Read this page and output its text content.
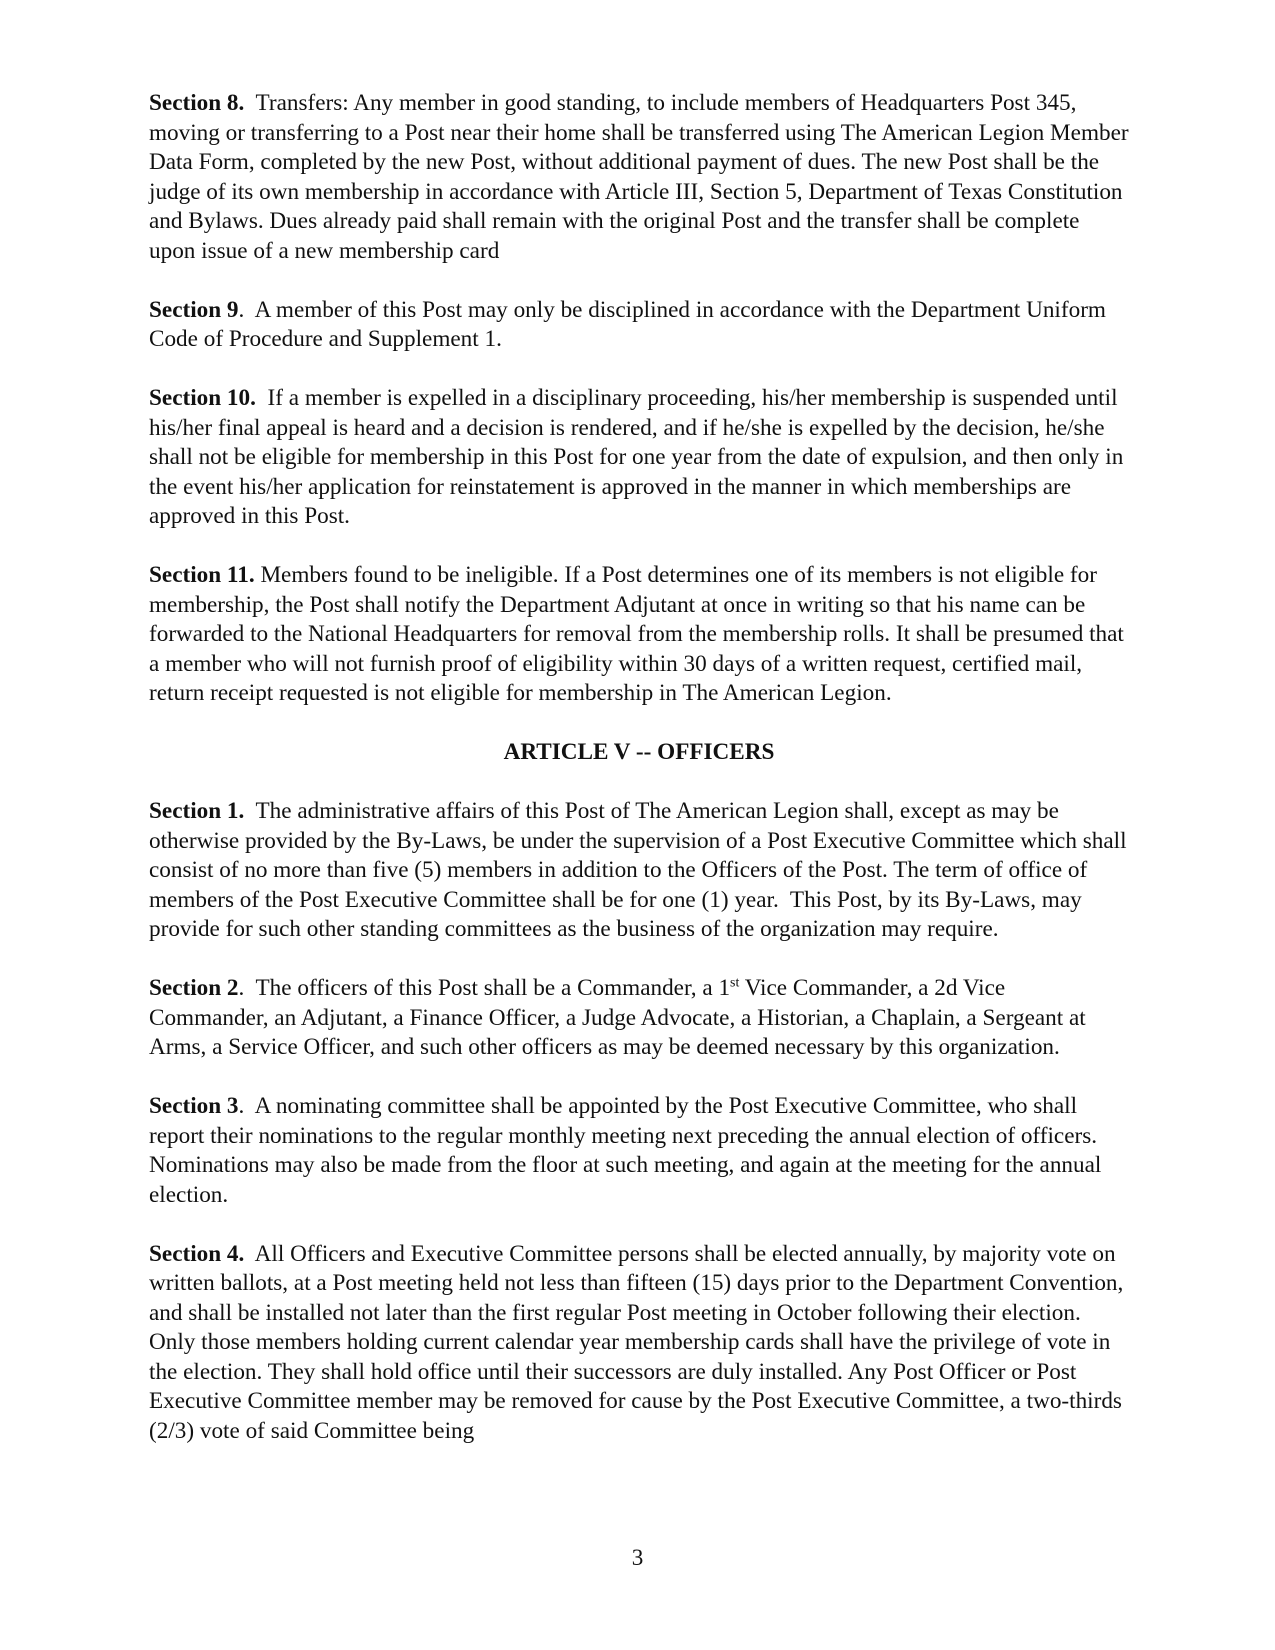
Section 8. Transfers: Any member in good standing, to include members of Headquarters Post 345, moving or transferring to a Post near their home shall be transferred using The American Legion Member Data Form, completed by the new Post, without additional payment of dues. The new Post shall be the judge of its own membership in accordance with Article III, Section 5, Department of Texas Constitution and Bylaws. Dues already paid shall remain with the original Post and the transfer shall be complete upon issue of a new membership card

Section 9.  A member of this Post may only be disciplined in accordance with the Department Uniform Code of Procedure and Supplement 1.

Section 10. If a member is expelled in a disciplinary proceeding, his/her membership is suspended until his/her final appeal is heard and a decision is rendered, and if he/she is expelled by the decision, he/she shall not be eligible for membership in this Post for one year from the date of expulsion, and then only in the event his/her application for reinstatement is approved in the manner in which memberships are approved in this Post.

Section 11. Members found to be ineligible. If a Post determines one of its members is not eligible for membership, the Post shall notify the Department Adjutant at once in writing so that his name can be forwarded to the National Headquarters for removal from the membership rolls. It shall be presumed that a member who will not furnish proof of eligibility within 30 days of a written request, certified mail, return receipt requested is not eligible for membership in The American Legion.

ARTICLE V -- OFFICERS

Section 1. The administrative affairs of this Post of The American Legion shall, except as may be otherwise provided by the By-Laws, be under the supervision of a Post Executive Committee which shall consist of no more than five (5) members in addition to the Officers of the Post. The term of office of members of the Post Executive Committee shall be for one (1) year.  This Post, by its By-Laws, may provide for such other standing committees as the business of the organization may require.

Section 2.  The officers of this Post shall be a Commander, a 1st Vice Commander, a 2d Vice Commander, an Adjutant, a Finance Officer, a Judge Advocate, a Historian, a Chaplain, a Sergeant at Arms, a Service Officer, and such other officers as may be deemed necessary by this organization.

Section 3.  A nominating committee shall be appointed by the Post Executive Committee, who shall report their nominations to the regular monthly meeting next preceding the annual election of officers. Nominations may also be made from the floor at such meeting, and again at the meeting for the annual election.

Section 4. All Officers and Executive Committee persons shall be elected annually, by majority vote on written ballots, at a Post meeting held not less than fifteen (15) days prior to the Department Convention, and shall be installed not later than the first regular Post meeting in October following their election. Only those members holding current calendar year membership cards shall have the privilege of vote in the election. They shall hold office until their successors are duly installed. Any Post Officer or Post Executive Committee member may be removed for cause by the Post Executive Committee, a two-thirds (2/3) vote of said Committee being

3
